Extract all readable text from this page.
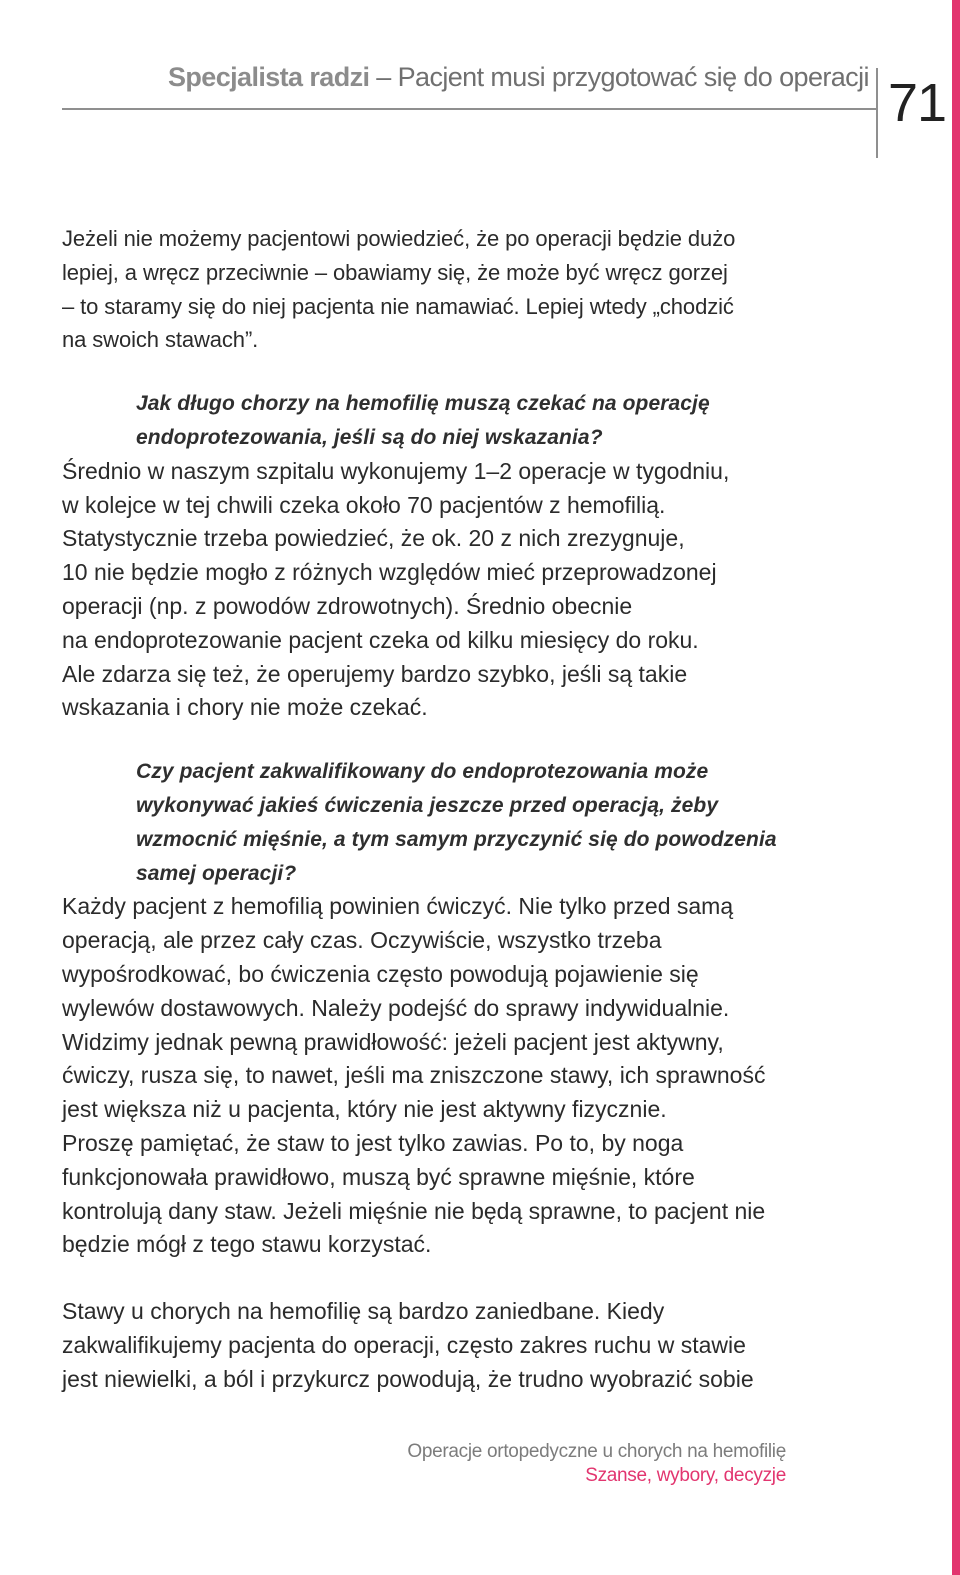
Specjalista radzi – Pacjent musi przygotować się do operacji 71
Jeżeli nie możemy pacjentowi powiedzieć, że po operacji będzie dużo
lepiej, a wręcz przeciwnie – obawiamy się, że może być wręcz gorzej
– to staramy się do niej pacjenta nie namawiać. Lepiej wtedy „chodzić
na swoich stawach”.
Jak długo chorzy na hemofilię muszą czekać na operację
endoprotezowania, jeśli są do niej wskazania?
Średnio w naszym szpitalu wykonujemy 1–2 operacje w tygodniu,
w kolejce w tej chwili czeka około 70 pacjentów z hemofilią.
Statystycznie trzeba powiedzieć, że ok. 20 z nich zrezygnuje,
10 nie będzie mogło z różnych względów mieć przeprowadzonej
operacji (np. z powodów zdrowotnych). Średnio obecnie
na endoprotezowanie pacjent czeka od kilku miesięcy do roku.
Ale zdarza się też, że operujemy bardzo szybko, jeśli są takie
wskazania i chory nie może czekać.
Czy pacjent zakwalifikowany do endoprotezowania może
wykonywać jakieś ćwiczenia jeszcze przed operacją, żeby
wzmocnić mięśnie, a tym samym przyczynić się do powodzenia
samej operacji?
Każdy pacjent z hemofilią powinien ćwiczyć. Nie tylko przed samą
operacją, ale przez cały czas. Oczywiście, wszystko trzeba
wypośrodkować, bo ćwiczenia często powodują pojawienie się
wylewów dostawowych. Należy podejść do sprawy indywidualnie.
Widzimy jednak pewną prawidłowość: jeżeli pacjent jest aktywny,
ćwiczy, rusza się, to nawet, jeśli ma zniszczone stawy, ich sprawność
jest większa niż u pacjenta, który nie jest aktywny fizycznie.
Proszę pamiętać, że staw to jest tylko zawias. Po to, by noga
funkcjonowała prawidłowo, muszą być sprawne mięśnie, które
kontrolują dany staw. Jeżeli mięśnie nie będą sprawne, to pacjent nie
będzie mógł z tego stawu korzystać.
Stawy u chorych na hemofilię są bardzo zaniedbane. Kiedy
zakwalifikujemy pacjenta do operacji, często zakres ruchu w stawie
jest niewielki, a ból i przykurcz powodują, że trudno wyobrazić sobie
Operacje ortopedyczne u chorych na hemofilię
Szanse, wybory, decyzje
